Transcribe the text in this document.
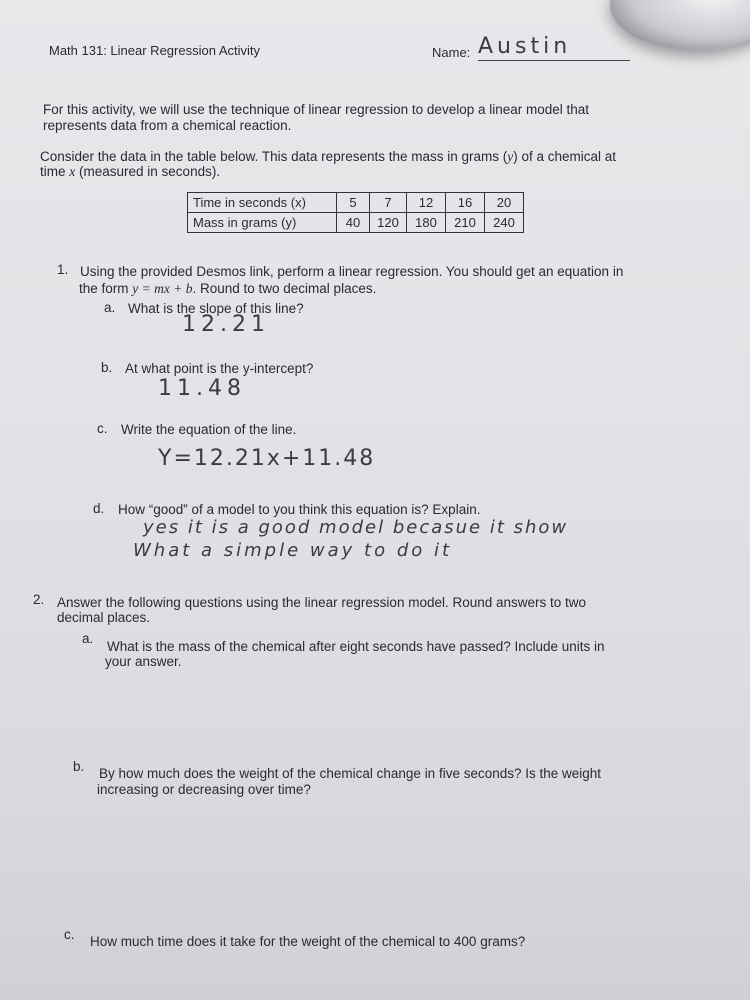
Math 131: Linear Regression Activity	Name: Austin
For this activity, we will use the technique of linear regression to develop a linear model that
represents data from a chemical reaction.
Consider the data in the table below. This data represents the mass in grams (y) of a chemical at
time x (measured in seconds).
Time in seconds (x)	5	7	12	16	20
Mass in grams (y)	40	120	180	210	240
1. Using the provided Desmos link, perform a linear regression. You should get an equation in
the form y = mx + b. Round to two decimal places.
a. What is the slope of this line?
12.21
b. At what point is the y-intercept?
11.48
c. Write the equation of the line.
Y=12.21x+11.48
d. How “good” of a model to you think this equation is? Explain.
yes it is a good model becasue it show
What a simple way to do it
2. Answer the following questions using the linear regression model. Round answers to two
decimal places.
a.
What is the mass of the chemical after eight seconds have passed? Include units in
your answer.
b. By how much does the weight of the chemical change in five seconds? Is the weight
increasing or decreasing over time?
c. How much time does it take for the weight of the chemical to 400 grams?
